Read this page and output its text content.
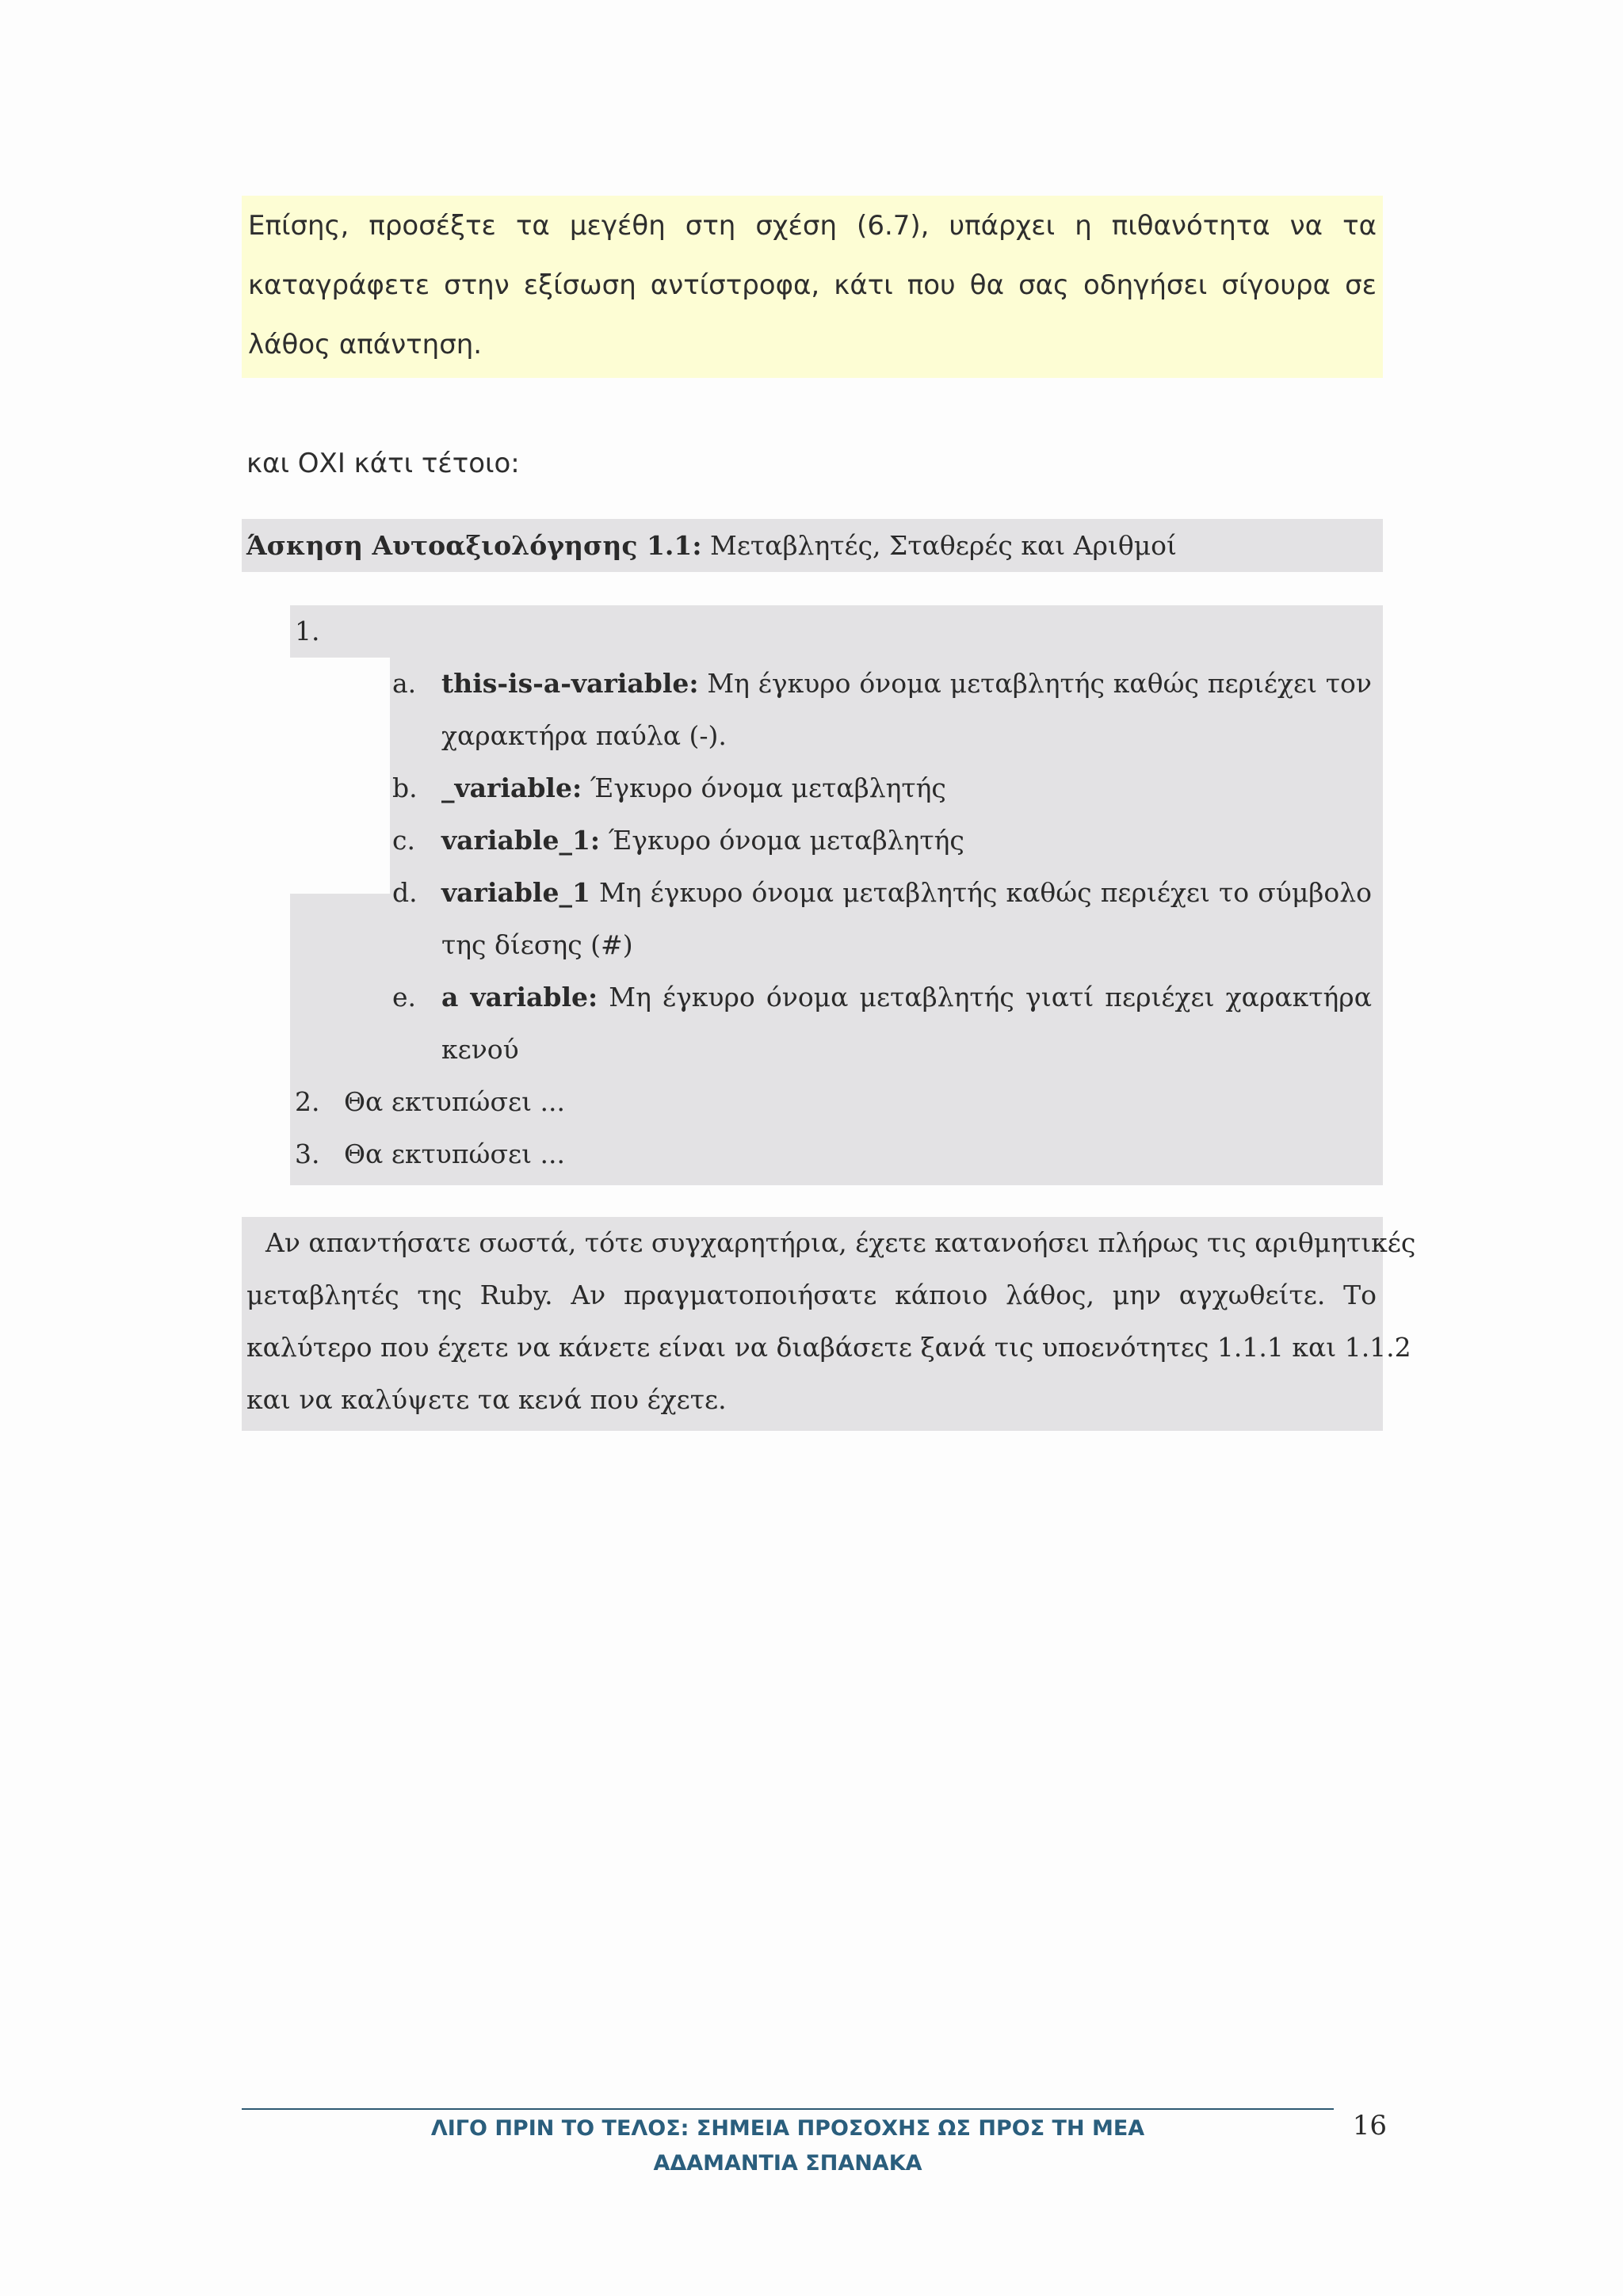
Επίσης, προσέξτε τα μεγέθη στη σχέση (6.7), υπάρχει η πιθανότητα να τα
καταγράφετε στην εξίσωση αντίστροφα, κάτι που θα σας οδηγήσει σίγουρα σε
λάθος απάντηση.
και ΟΧΙ κάτι τέτοιο:
Άσκηση Αυτοαξιολόγησης 1.1: Μεταβλητές, Σταθερές και Αριθμοί
1.
a. this-is-a-variable: Μη έγκυρο όνομα μεταβλητής καθώς περιέχει τον
χαρακτήρα παύλα (-).
b. _variable: Έγκυρο όνομα μεταβλητής
c.	variable_1: Έγκυρο όνομα μεταβλητής
d. variable_1 Μη έγκυρο όνομα μεταβλητής καθώς περιέχει το σύμβολο
της δίεσης (#)
e. a variable: Μη έγκυρο όνομα μεταβλητής γιατί περιέχει χαρακτήρα
κενού
2. Θα εκτυπώσει ...
3. Θα εκτυπώσει ...
Αν απαντήσατε σωστά, τότε συγχαρητήρια, έχετε κατανοήσει πλήρως τις αριθμητικές
μεταβλητές της Ruby. Αν πραγματοποιήσατε κάποιο λάθος, μην αγχωθείτε. Το
καλύτερο που έχετε να κάνετε είναι να διαβάσετε ξανά τις υποενότητες 1.1.1 και 1.1.2
και να καλύψετε τα κενά που έχετε.
ΛΙΓΟ ΠΡΙΝ ΤΟ ΤΕΛΟΣ: ΣΗΜΕΙΑ ΠΡΟΣΟΧΗΣ ΩΣ ΠΡΟΣ ΤΗ ΜΕΑ
ΑΔΑΜΑΝΤΙΑ ΣΠΑΝΑΚΑ
16
